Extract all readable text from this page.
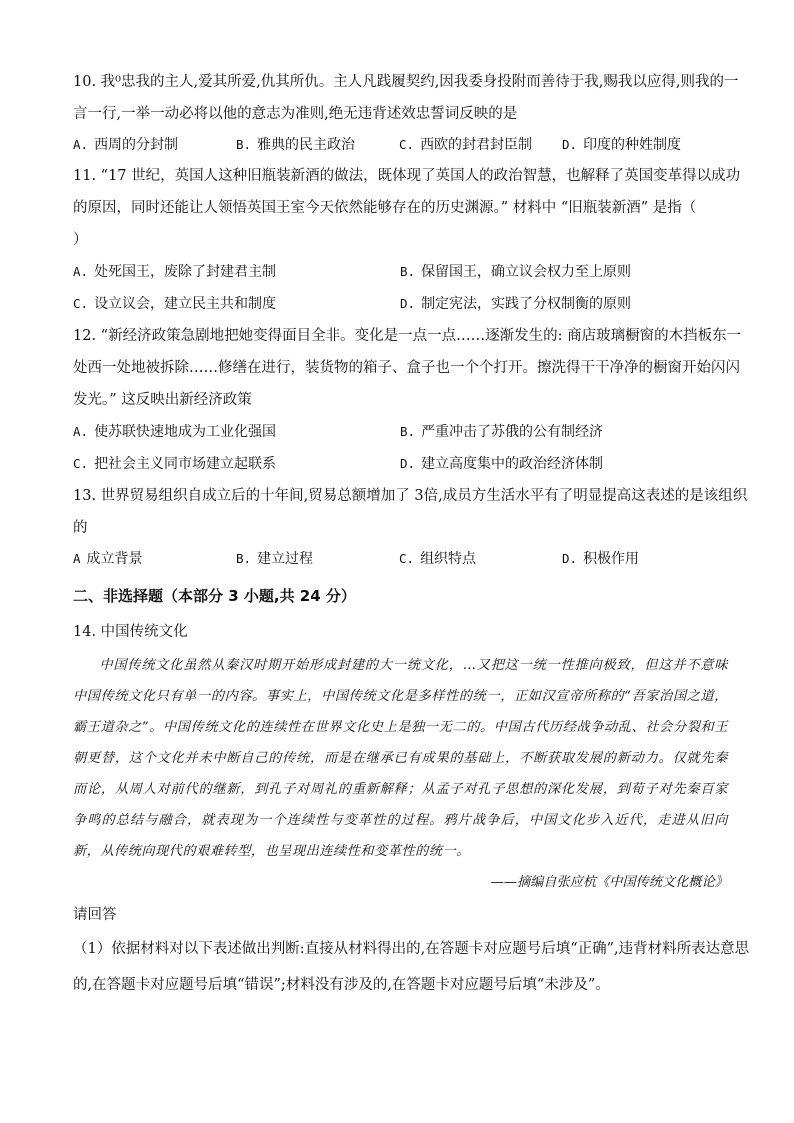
10. 我⁰忠我的主人,爱其所爱,仇其所仇。主人凡践履契约,因我委身投附而善待于我,赐我以应得,则我的一
言一行,一举一动必将以他的意志为准则,绝无违背述效忠誓词反映的是
A. 西周的分封制	B. 雅典的民主政治	C. 西欧的封君封臣制	D. 印度的种姓制度
11. “17 世纪，英国人这种旧瓶装新酒的做法，既体现了英国人的政治智慧，也解释了英国变革得以成功
的原因，同时还能让人领悟英国王室今天依然能够存在的历史渊源。” 材料中 “旧瓶装新酒” 是指（
）
A. 处死国王，废除了封建君主制	B. 保留国王，确立议会权力至上原则
C. 设立议会，建立民主共和制度	D. 制定宪法，实践了分权制衡的原则
12. “新经济政策急剧地把她变得面目全非。变化是一点一点……逐渐发生的: 商店玻璃橱窗的木挡板东一
处西一处地被拆除……修缮在进行，装货物的箱子、盒子也一个个打开。擦洗得干干净净的橱窗开始闪闪
发光。” 这反映出新经济政策
A. 使苏联快速地成为工业化强国	B. 严重冲击了苏俄的公有制经济
C. 把社会主义同市场建立起联系	D. 建立高度集中的政治经济体制
13. 世界贸易组织自成立后的十年间,贸易总额增加了 3倍,成员方生活水平有了明显提高这表述的是该组织
的
A 成立背景	B. 建立过程	C. 组织特点	D. 积极作用
二、非选择题（本部分 3 小题,共 24 分）
14. 中国传统文化
中国传统文化虽然从秦汉时期开始形成封建的大一统文化，…又把这一统一性推向极致，但这并不意味中国传统文化只有单一的内容。事实上，中国传统文化是多样性的统一，正如汉宣帝所称的“吾家治国之道，霸王道杂之”。中国传统文化的连续性在世界文化史上是独一无二的。中国古代历经战争动乱、社会分裂和王朝更替，这个文化并未中断自己的传统，而是在继承已有成果的基础上，不断获取发展的新动力。仅就先秦而论，从周人对前代的继新，到孔子对周礼的重新解释；从孟子对孔子思想的深化发展，到荀子对先秦百家争鸣的总结与融合，就表现为一个连续性与变革性的过程。鸦片战争后，中国文化步入近代，走进从旧向新，从传统向现代的艰难转型，也呈现出连续性和变革性的统一。
——摘编自张应杭《中国传统文化概论》
请回答
（1）依据材料对以下表述做出判断:直接从材料得出的,在答题卡对应题号后填“正确”,违背材料所表达意思
的,在答题卡对应题号后填“错误”;材料没有涉及的,在答题卡对应题号后填“未涉及”。
